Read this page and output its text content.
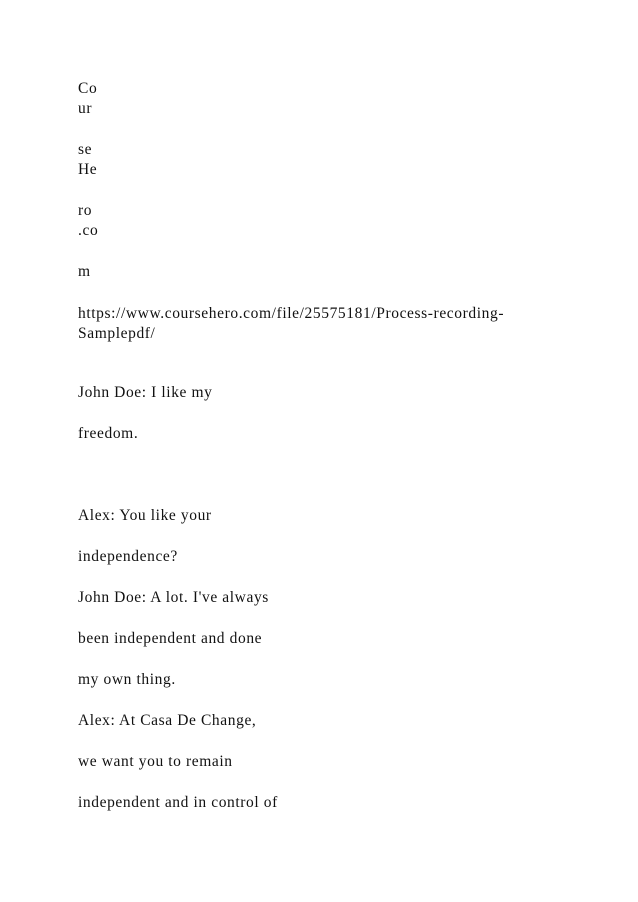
Co
ur
se
He
ro
.co
m
https://www.coursehero.com/file/25575181/Process-recording-
Samplepdf/
John Doe: I like my
freedom.
Alex: You like your
independence?
John Doe: A lot. I've always
been independent and done
my own thing.
Alex: At Casa De Change,
we want you to remain
independent and in control of
